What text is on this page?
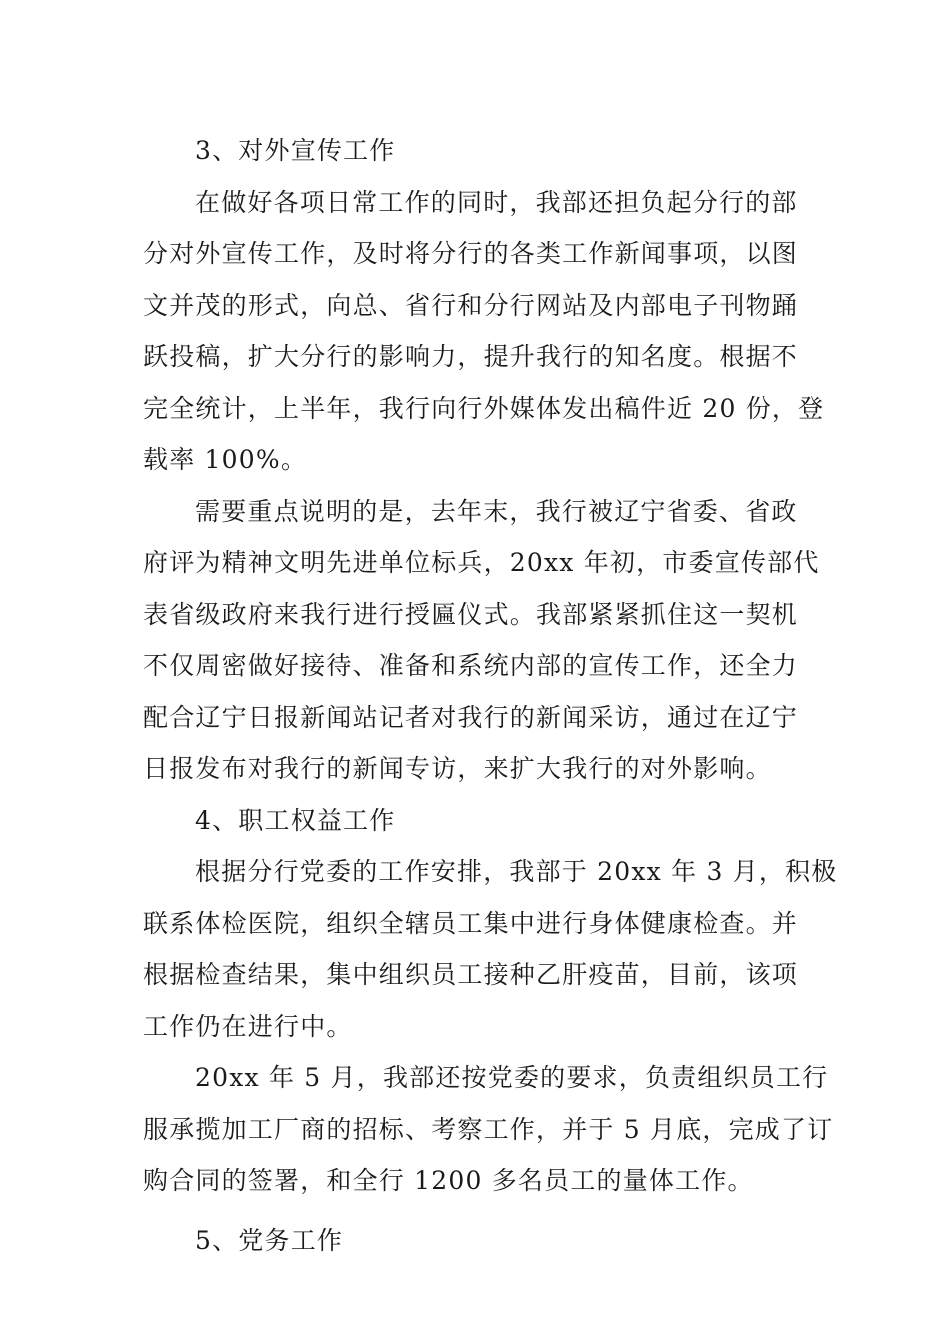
3、对外宣传工作
在做好各项日常工作的同时，我部还担负起分行的部
分对外宣传工作，及时将分行的各类工作新闻事项，以图
文并茂的形式，向总、省行和分行网站及内部电子刊物踊
跃投稿，扩大分行的影响力，提升我行的知名度。根据不
完全统计，上半年，我行向行外媒体发出稿件近 20 份，登
载率 100%。
需要重点说明的是，去年末，我行被辽宁省委、省政
府评为精神文明先进单位标兵，20xx 年初，市委宣传部代
表省级政府来我行进行授匾仪式。我部紧紧抓住这一契机
不仅周密做好接待、准备和系统内部的宣传工作，还全力
配合辽宁日报新闻站记者对我行的新闻采访，通过在辽宁
日报发布对我行的新闻专访，来扩大我行的对外影响。
4、职工权益工作
根据分行党委的工作安排，我部于 20xx 年 3 月，积极
联系体检医院，组织全辖员工集中进行身体健康检查。并
根据检查结果，集中组织员工接种乙肝疫苗，目前，该项
工作仍在进行中。
20xx 年 5 月，我部还按党委的要求，负责组织员工行
服承揽加工厂商的招标、考察工作，并于 5 月底，完成了订
购合同的签署，和全行 1200 多名员工的量体工作。
5、党务工作
